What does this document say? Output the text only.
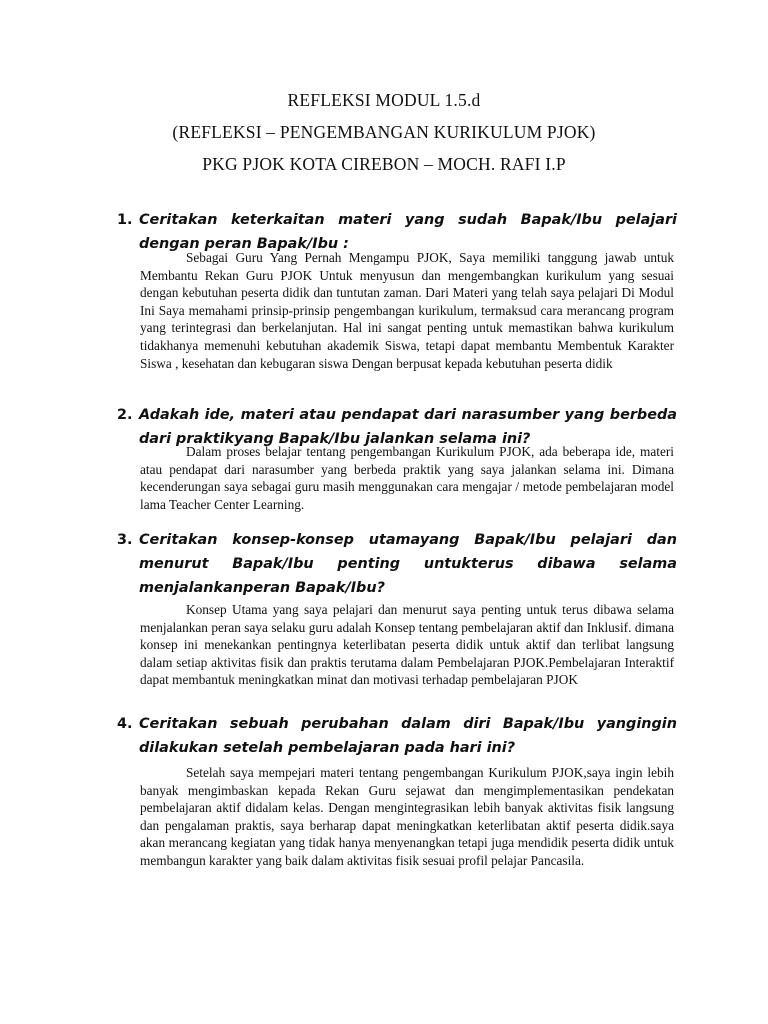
REFLEKSI MODUL 1.5.d
(REFLEKSI – PENGEMBANGAN KURIKULUM PJOK)
PKG PJOK KOTA CIREBON – MOCH. RAFI I.P
1. Ceritakan keterkaitan materi yang sudah Bapak/Ibu pelajari dengan peran Bapak/Ibu :
Sebagai Guru Yang Pernah Mengampu PJOK, Saya memiliki tanggung jawab untuk Membantu Rekan Guru PJOK Untuk menyusun dan mengembangkan kurikulum yang sesuai dengan kebutuhan peserta didik dan tuntutan zaman. Dari Materi yang telah saya pelajari Di Modul Ini Saya memahami prinsip-prinsip pengembangan kurikulum, termaksud cara merancang program yang terintegrasi dan berkelanjutan. Hal ini sangat penting untuk memastikan bahwa kurikulum tidakhanya memenuhi kebutuhan akademik Siswa, tetapi dapat membantu Membentuk Karakter Siswa , kesehatan dan kebugaran siswa Dengan berpusat kepada kebutuhan peserta didik
2. Adakah ide, materi atau pendapat dari narasumber yang berbeda dari praktikyang Bapak/Ibu jalankan selama ini?
Dalam proses belajar tentang pengembangan Kurikulum PJOK, ada beberapa ide, materi atau pendapat dari narasumber yang berbeda praktik yang saya jalankan selama ini. Dimana kecenderungan saya sebagai guru masih menggunakan cara mengajar / metode pembelajaran model lama Teacher Center Learning.
3. Ceritakan konsep-konsep utamayang Bapak/Ibu pelajari dan menurut Bapak/Ibu penting untukterus dibawa selama menjalankanperan Bapak/Ibu?
Konsep Utama yang saya pelajari dan menurut saya penting untuk terus dibawa selama menjalankan peran saya selaku guru adalah Konsep tentang pembelajaran aktif dan Inklusif. dimana konsep ini menekankan pentingnya keterlibatan peserta didik untuk aktif dan terlibat langsung dalam setiap aktivitas fisik dan praktis terutama dalam Pembelajaran PJOK.Pembelajaran Interaktif dapat membantuk meningkatkan minat dan motivasi terhadap pembelajaran PJOK
4. Ceritakan sebuah perubahan dalam diri Bapak/Ibu yangingin dilakukan setelah pembelajaran pada hari ini?
Setelah saya mempejari materi tentang pengembangan Kurikulum PJOK,saya ingin lebih banyak mengimbaskan kepada Rekan Guru sejawat dan mengimplementasikan pendekatan pembelajaran aktif didalam kelas. Dengan mengintegrasikan lebih banyak aktivitas fisik langsung dan pengalaman praktis, saya berharap dapat meningkatkan keterlibatan aktif peserta didik.saya akan merancang kegiatan yang tidak hanya menyenangkan tetapi juga mendidik peserta didik untuk membangun karakter yang baik dalam aktivitas fisik sesuai profil pelajar Pancasila.
